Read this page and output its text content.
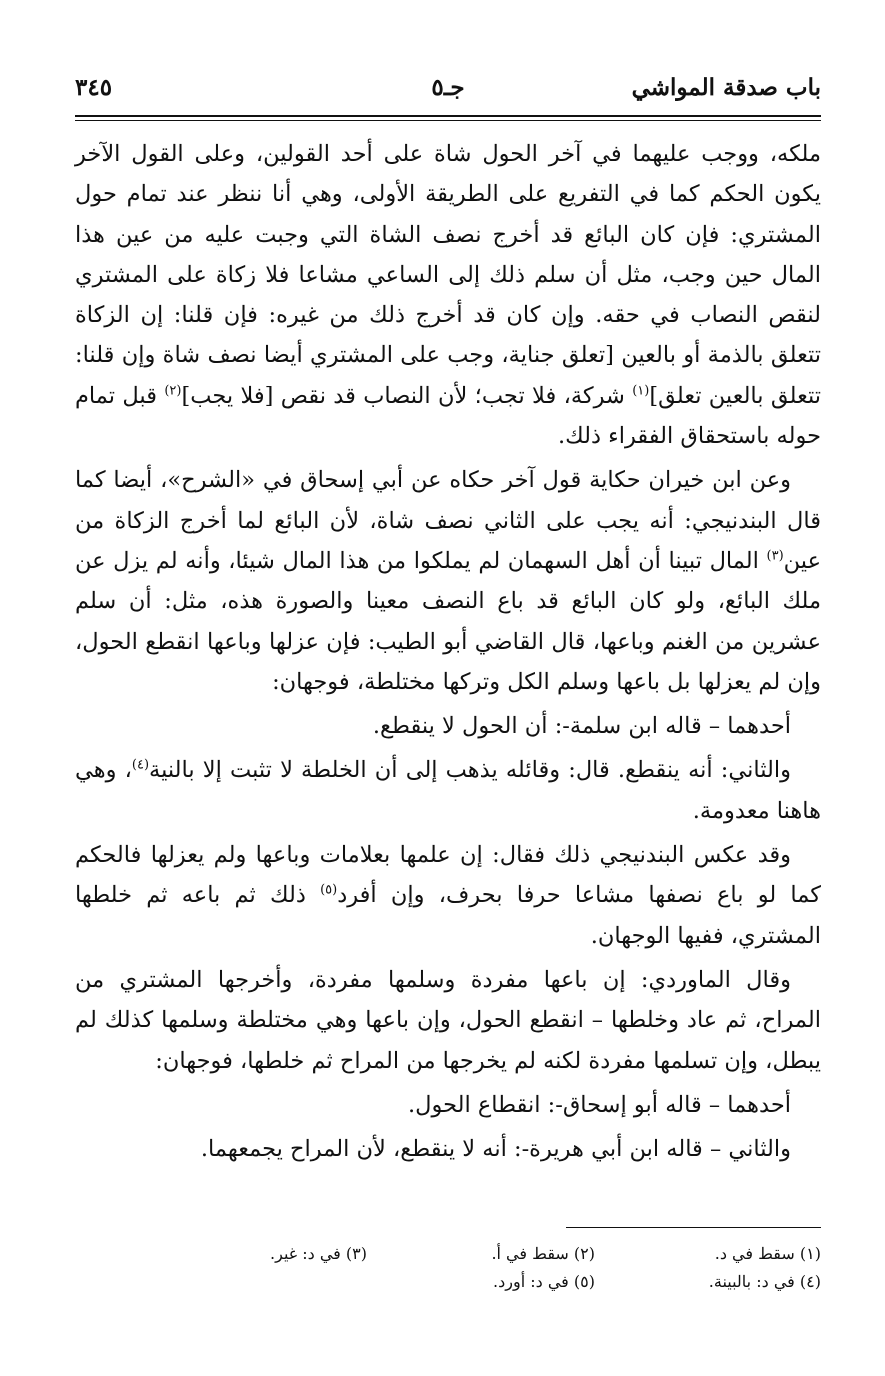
باب صدقة المواشي
جـ٥
٣٤٥

ملكه، ووجب عليهما في آخر الحول شاة على أحد القولين، وعلى القول الآخر يكون الحكم كما في التفريع على الطريقة الأولى، وهي أنا ننظر عند تمام حول المشتري: فإن كان البائع قد أخرج نصف الشاة التي وجبت عليه من عين هذا المال حين وجب، مثل أن سلم ذلك إلى الساعي مشاعا فلا زكاة على المشتري لنقص النصاب في حقه. وإن كان قد أخرج ذلك من غيره: فإن قلنا: إن الزكاة تتعلق بالذمة أو بالعين [تعلق جناية، وجب على المشتري أيضا نصف شاة وإن قلنا: تتعلق بالعين تعلق]$^{(١)}$ شركة، فلا تجب؛ لأن النصاب قد نقص [فلا يجب]$^{(٢)}$ قبل تمام حوله باستحقاق الفقراء ذلك.

وعن ابن خيران حكاية قول آخر حكاه عن أبي إسحاق في «الشرح»، أيضا كما قال البندنيجي: أنه يجب على الثاني نصف شاة، لأن البائع لما أخرج الزكاة من عين$^{(٣)}$ المال تبينا أن أهل السهمان لم يملكوا من هذا المال شيئا، وأنه لم يزل عن ملك البائع، ولو كان البائع قد باع النصف معينا والصورة هذه، مثل: أن سلم عشرين من الغنم وباعها، قال القاضي أبو الطيب: فإن عزلها وباعها انقطع الحول، وإن لم يعزلها بل باعها وسلم الكل وتركها مختلطة، فوجهان:

أحدهما – قاله ابن سلمة-: أن الحول لا ينقطع.

والثاني: أنه ينقطع. قال: وقائله يذهب إلى أن الخلطة لا تثبت إلا بالنية$^{(٤)}$، وهي هاهنا معدومة.

وقد عكس البندنيجي ذلك فقال: إن علمها بعلامات وباعها ولم يعزلها فالحكم كما لو باع نصفها مشاعا حرفا بحرف، وإن أفرد$^{(٥)}$ ذلك ثم باعه ثم خلطها المشتري، ففيها الوجهان.

وقال الماوردي: إن باعها مفردة وسلمها مفردة، وأخرجها المشتري من المراح، ثم عاد وخلطها – انقطع الحول، وإن باعها وهي مختلطة وسلمها كذلك لم يبطل، وإن تسلمها مفردة لكنه لم يخرجها من المراح ثم خلطها، فوجهان:

أحدهما – قاله أبو إسحاق-: انقطاع الحول.

والثاني – قاله ابن أبي هريرة-: أنه لا ينقطع، لأن المراح يجمعهما.

(١) سقط في د.
(٢) سقط في أ.
(٣) في د: غير.
(٤) في د: بالبينة.
(٥) في د: أورد.
